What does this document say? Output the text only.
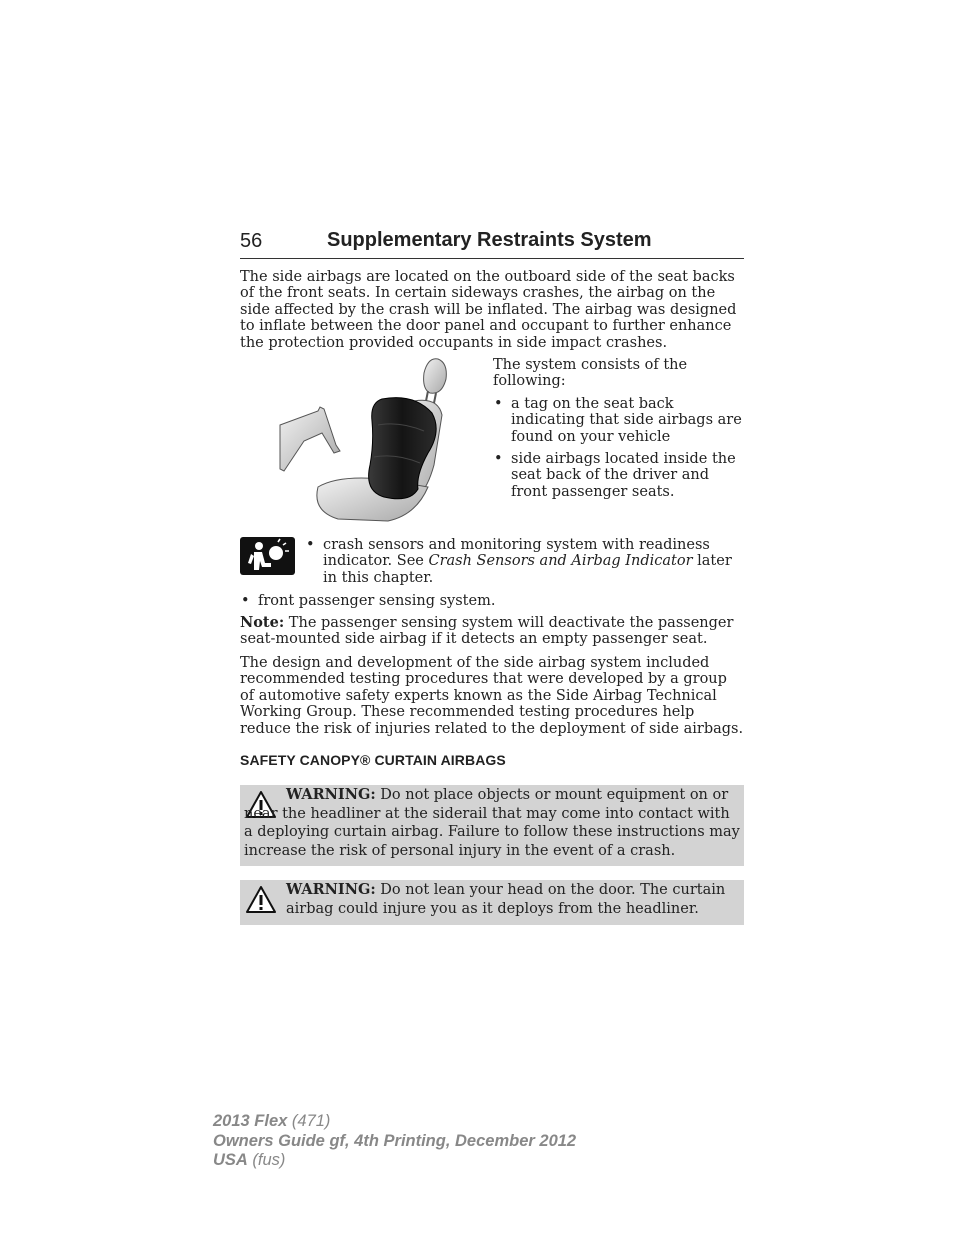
56	Supplementary Restraints System
The side airbags are located on the outboard side of the seat backs of the front seats. In certain sideways crashes, the airbag on the side affected by the crash will be inflated. The airbag was designed to inflate between the door panel and occupant to further enhance the protection provided occupants in side impact crashes.

The system consists of the following:

• a tag on the seat back indicating that side airbags are found on your vehicle
• side airbags located inside the seat back of the driver and front passenger seats.
• crash sensors and monitoring system with readiness indicator. See Crash Sensors and Airbag Indicator later in this chapter.
• front passenger sensing system.
Note: The passenger sensing system will deactivate the passenger seat-mounted side airbag if it detects an empty passenger seat.
The design and development of the side airbag system included recommended testing procedures that were developed by a group of automotive safety experts known as the Side Airbag Technical Working Group. These recommended testing procedures help reduce the risk of injuries related to the deployment of side airbags.
SAFETY CANOPY® CURTAIN AIRBAGS
WARNING: Do not place objects or mount equipment on or near the headliner at the siderail that may come into contact with a deploying curtain airbag. Failure to follow these instructions may increase the risk of personal injury in the event of a crash.
WARNING: Do not lean your head on the door. The curtain airbag could injure you as it deploys from the headliner.
2013 Flex (471)
Owners Guide gf, 4th Printing, December 2012
USA (fus)
